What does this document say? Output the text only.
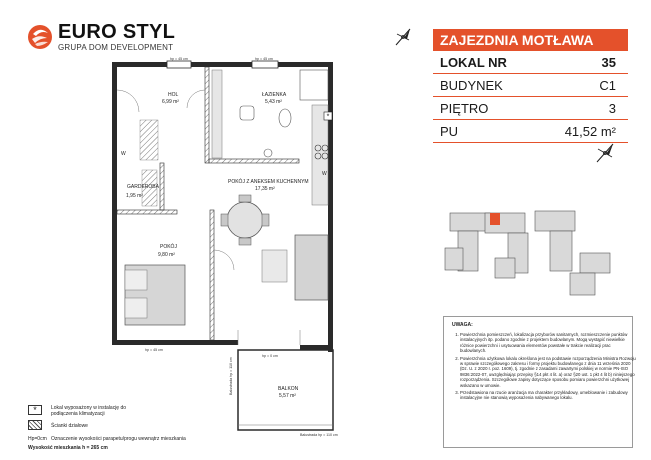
EURO STYL
GRUPA DOM DEVELOPMENT	ZAJEZDNIA MOTŁAWA
LOKAL NR	35
BUDYNEK	C1
PIĘTRO	3
PU	41,52 m²
HOL
6,99 m²
ŁAZIENKA
5,43 m²
POKÓJ Z ANEKSEM KUCHENNYM
17,35 m²
GARDEROBA
1,95 m²
POKÓJ
9,80 m²
BALKON
5,57 m²
hp = 45 cm	hp = 45 cm
hp = 45 cm
hp = 0 cm
Balustrada hp = 110 cm
Balustrada hp = 110 cm
W
W
*
UWAGA:
1. Powierzchnia pomieszczeń, lokalizacja przyborów sanitarnych, rozmieszczenie punktów instalacyjnych itp. podano zgodnie z projektem budowlanym. Mogą wystąpić niewielkie różnice powierzchni i usytuowania elementów powstałe w trakcie realizacji prac budowlanych.
2. Powierzchnia użytkowa lokalu określona jest na podstawie rozporządzenia Ministra Rozwoju w sprawie szczegółowego zakresu i formy projektu budowlanego z dnia 11 września 2020 (Dz. U. z 2020 r. poz. 1609), tj. zgodnie z zasadami zawartymi polskiej w normie PN-ISO 9836:2022-07, uwzględniając przepisy §14 pkt 4 lit. a) oraz §20 ust. 1 pkt 4 lit b) niniejszego rozporządzenia. Szczegółowe zapisy dotyczące sposobu pomiaru powierzchni użytkowej wskazano w umowie.
3. Przedstawiona na rzucie aranżacja ma charakter przykładowy, umeblowanie i zabudowy instalacyjne nie stanowią wyposażenia nabywanego lokalu.
*	Lokal wyposażony w instalację do podłączenia klimatyzacji
Ścianki działowe
Hp=0cm Oznaczenie wysokości parapetu/progu wewnątrz mieszkania
Wysokość mieszkania h = 265 cm
